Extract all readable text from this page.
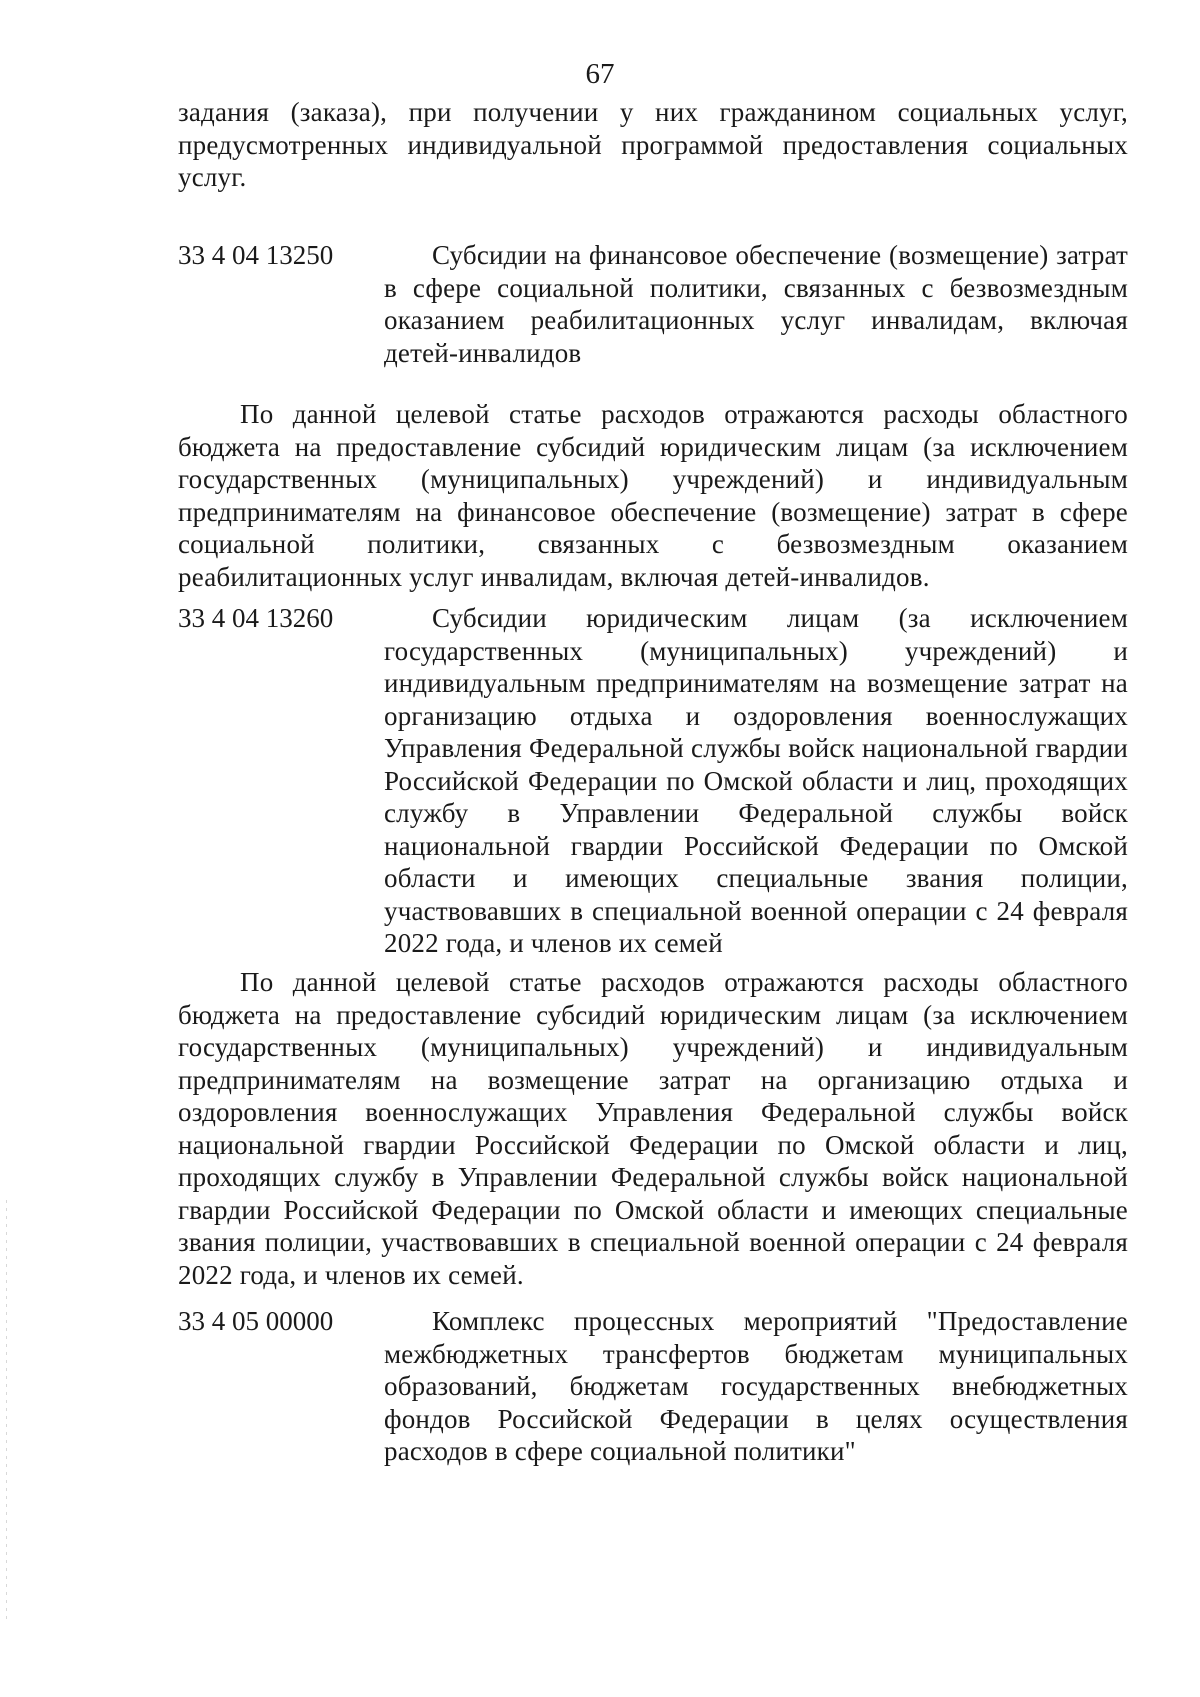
67

задания (заказа), при получении у них гражданином социальных услуг, предусмотренных индивидуальной программой предоставления социальных услуг.

33 4 04 13250	Субсидии на финансовое обеспечение (возмещение) затрат в сфере социальной политики, связанных с безвозмездным оказанием реабилитационных услуг инвалидам, включая детей-инвалидов

По данной целевой статье расходов отражаются расходы областного бюджета на предоставление субсидий юридическим лицам (за исключением государственных (муниципальных) учреждений) и индивидуальным предпринимателям на финансовое обеспечение (возмещение) затрат в сфере социальной политики, связанных с безвозмездным оказанием реабилитационных услуг инвалидам, включая детей-инвалидов.

33 4 04 13260	Субсидии юридическим лицам (за исключением государственных (муниципальных) учреждений) и индивидуальным предпринимателям на возмещение затрат на организацию отдыха и оздоровления военнослужащих Управления Федеральной службы войск национальной гвардии Российской Федерации по Омской области и лиц, проходящих службу в Управлении Федеральной службы войск национальной гвардии Российской Федерации по Омской области и имеющих специальные звания полиции, участвовавших в специальной военной операции с 24 февраля 2022 года, и членов их семей

По данной целевой статье расходов отражаются расходы областного бюджета на предоставление субсидий юридическим лицам (за исключением государственных (муниципальных) учреждений) и индивидуальным предпринимателям на возмещение затрат на организацию отдыха и оздоровления военнослужащих Управления Федеральной службы войск национальной гвардии Российской Федерации по Омской области и лиц, проходящих службу в Управлении Федеральной службы войск национальной гвардии Российской Федерации по Омской области и имеющих специальные звания полиции, участвовавших в специальной военной операции с 24 февраля 2022 года, и членов их семей.

33 4 05 00000	Комплекс процессных мероприятий "Предоставление межбюджетных трансфертов бюджетам муниципальных образований, бюджетам государственных внебюджетных фондов Российской Федерации в целях осуществления расходов в сфере социальной политики"
